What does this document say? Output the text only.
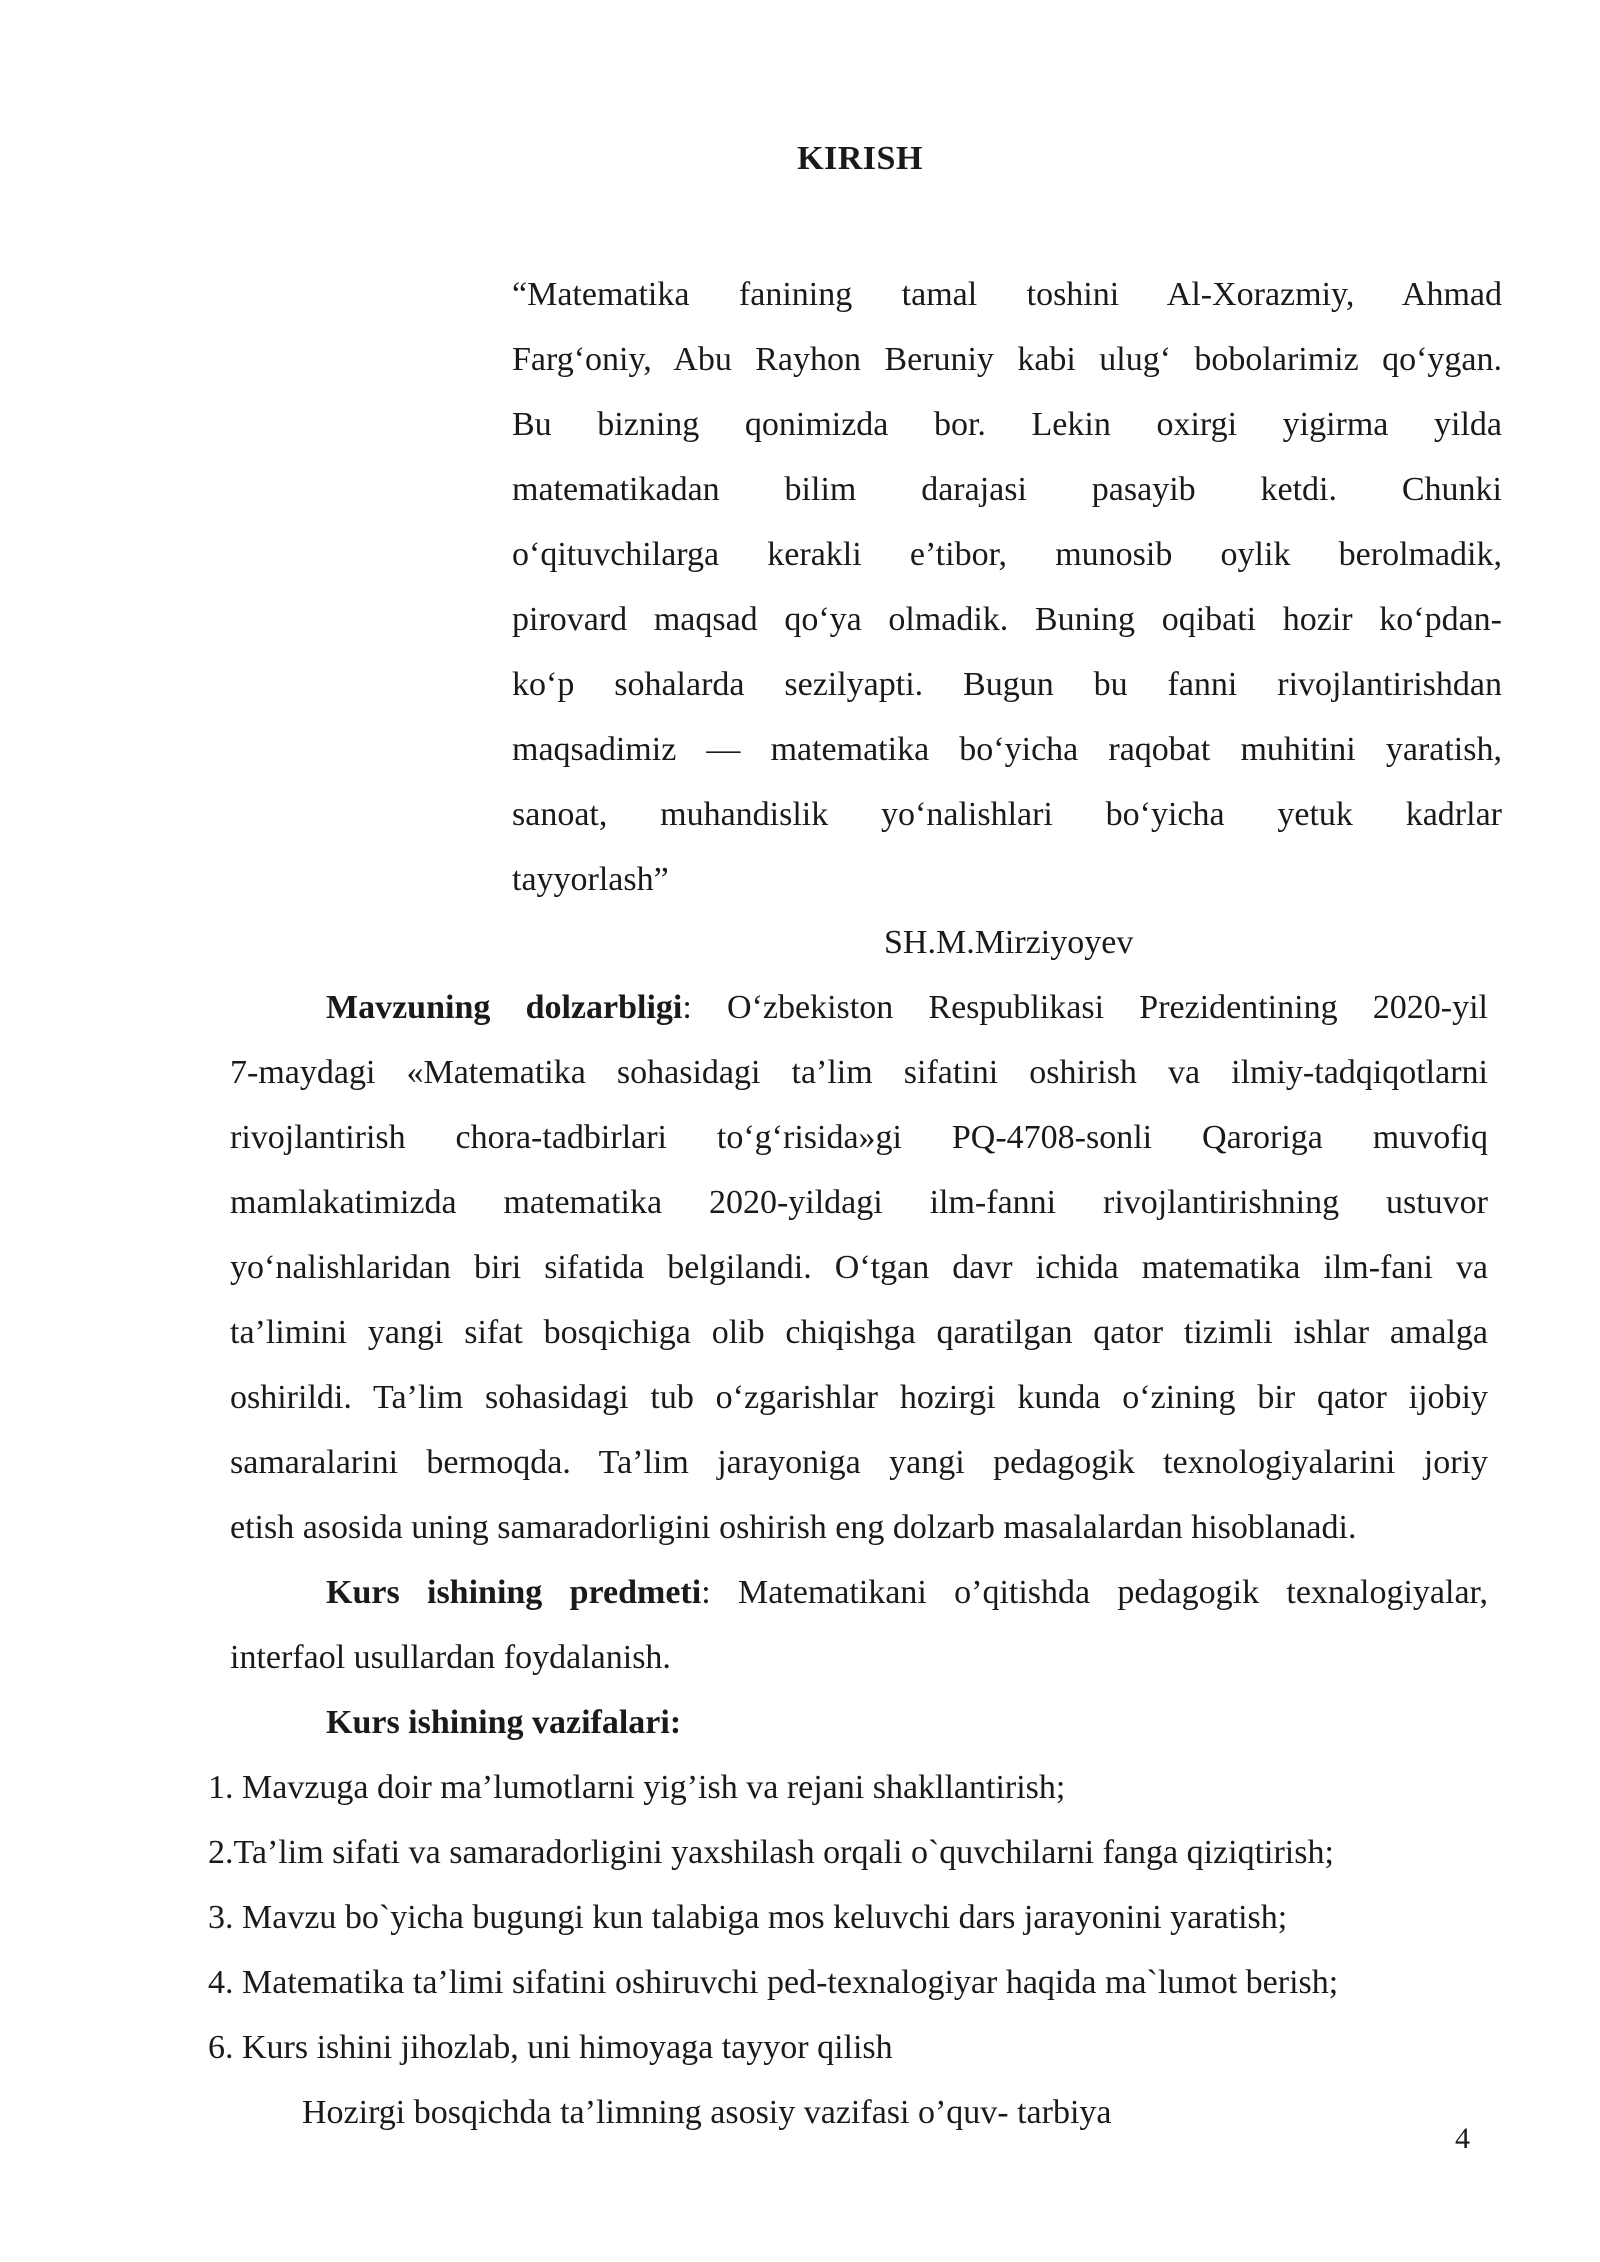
KIRISH
“Matematika fanining tamal toshini Al-Xorazmiy, Ahmad
Farg‘oniy, Abu Rayhon Beruniy kabi ulug‘ bobolarimiz qo‘ygan.
Bu bizning qonimizda bor. Lekin oxirgi yigirma yilda
matematikadan bilim darajasi pasayib ketdi. Chunki
o‘qituvchilarga kerakli e’tibor, munosib oylik berolmadik,
pirovard maqsad qo‘ya olmadik. Buning oqibati hozir ko‘pdan-
ko‘p sohalarda sezilyapti. Bugun bu fanni rivojlantirishdan
maqsadimiz — matematika bo‘yicha raqobat muhitini yaratish,
sanoat, muhandislik yo‘nalishlari bo‘yicha yetuk kadrlar
tayyorlash”
SH.M.Mirziyoyev
Mavzuning dolzarbligi: O‘zbekiston Respublikasi Prezidentining 2020-yil
7-maydagi «Matematika sohasidagi ta’lim sifatini oshirish va ilmiy-tadqiqotlarni
rivojlantirish chora-tadbirlari to‘g‘risida»gi PQ-4708-sonli Qaroriga muvofiq
mamlakatimizda matematika 2020-yildagi ilm-fanni rivojlantirishning ustuvor
yo‘nalishlaridan biri sifatida belgilandi. O‘tgan davr ichida matematika ilm-fani va
ta’limini yangi sifat bosqichiga olib chiqishga qaratilgan qator tizimli ishlar amalga
oshirildi. Ta’lim sohasidagi tub o‘zgarishlar hozirgi kunda o‘zining bir qator ijobiy
samaralarini bermoqda. Ta’lim jarayoniga yangi pedagogik texnologiyalarini joriy
etish asosida uning samaradorligini oshirish eng dolzarb masalalardan hisoblanadi.
Kurs ishining predmeti: Matematikani o’qitishda pedagogik texnalogiyalar,
interfaol usullardan foydalanish.
Kurs ishining vazifalari:
1. Mavzuga doir ma’lumotlarni yig’ish va rejani shakllantirish;
2.Ta’lim sifati va samaradorligini yaxshilash orqali o`quvchilarni fanga qiziqtirish;
3. Mavzu bo`yicha bugungi kun talabiga mos keluvchi dars jarayonini yaratish;
4. Matematika ta’limi sifatini oshiruvchi ped-texnalogiyar haqida ma`lumot berish;
6. Kurs ishini jihozlab, uni himoyaga tayyor qilish
Hozirgi bosqichda ta’limning asosiy vazifasi o’quv- tarbiya
4
